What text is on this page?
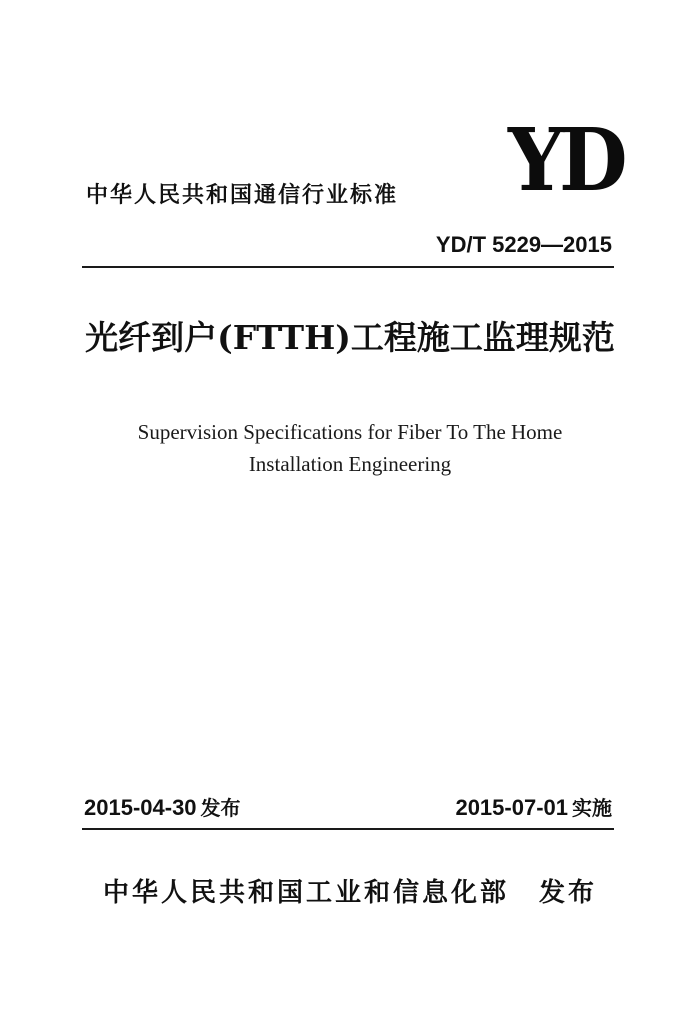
YD
中华人民共和国通信行业标准
YD/T 5229—2015
光纤到户(FTTH)工程施工监理规范
Supervision Specifications for Fiber To The Home
Installation Engineering
2015-04-30 发布	2015-07-01 实施
中华人民共和国工业和信息化部 发布
